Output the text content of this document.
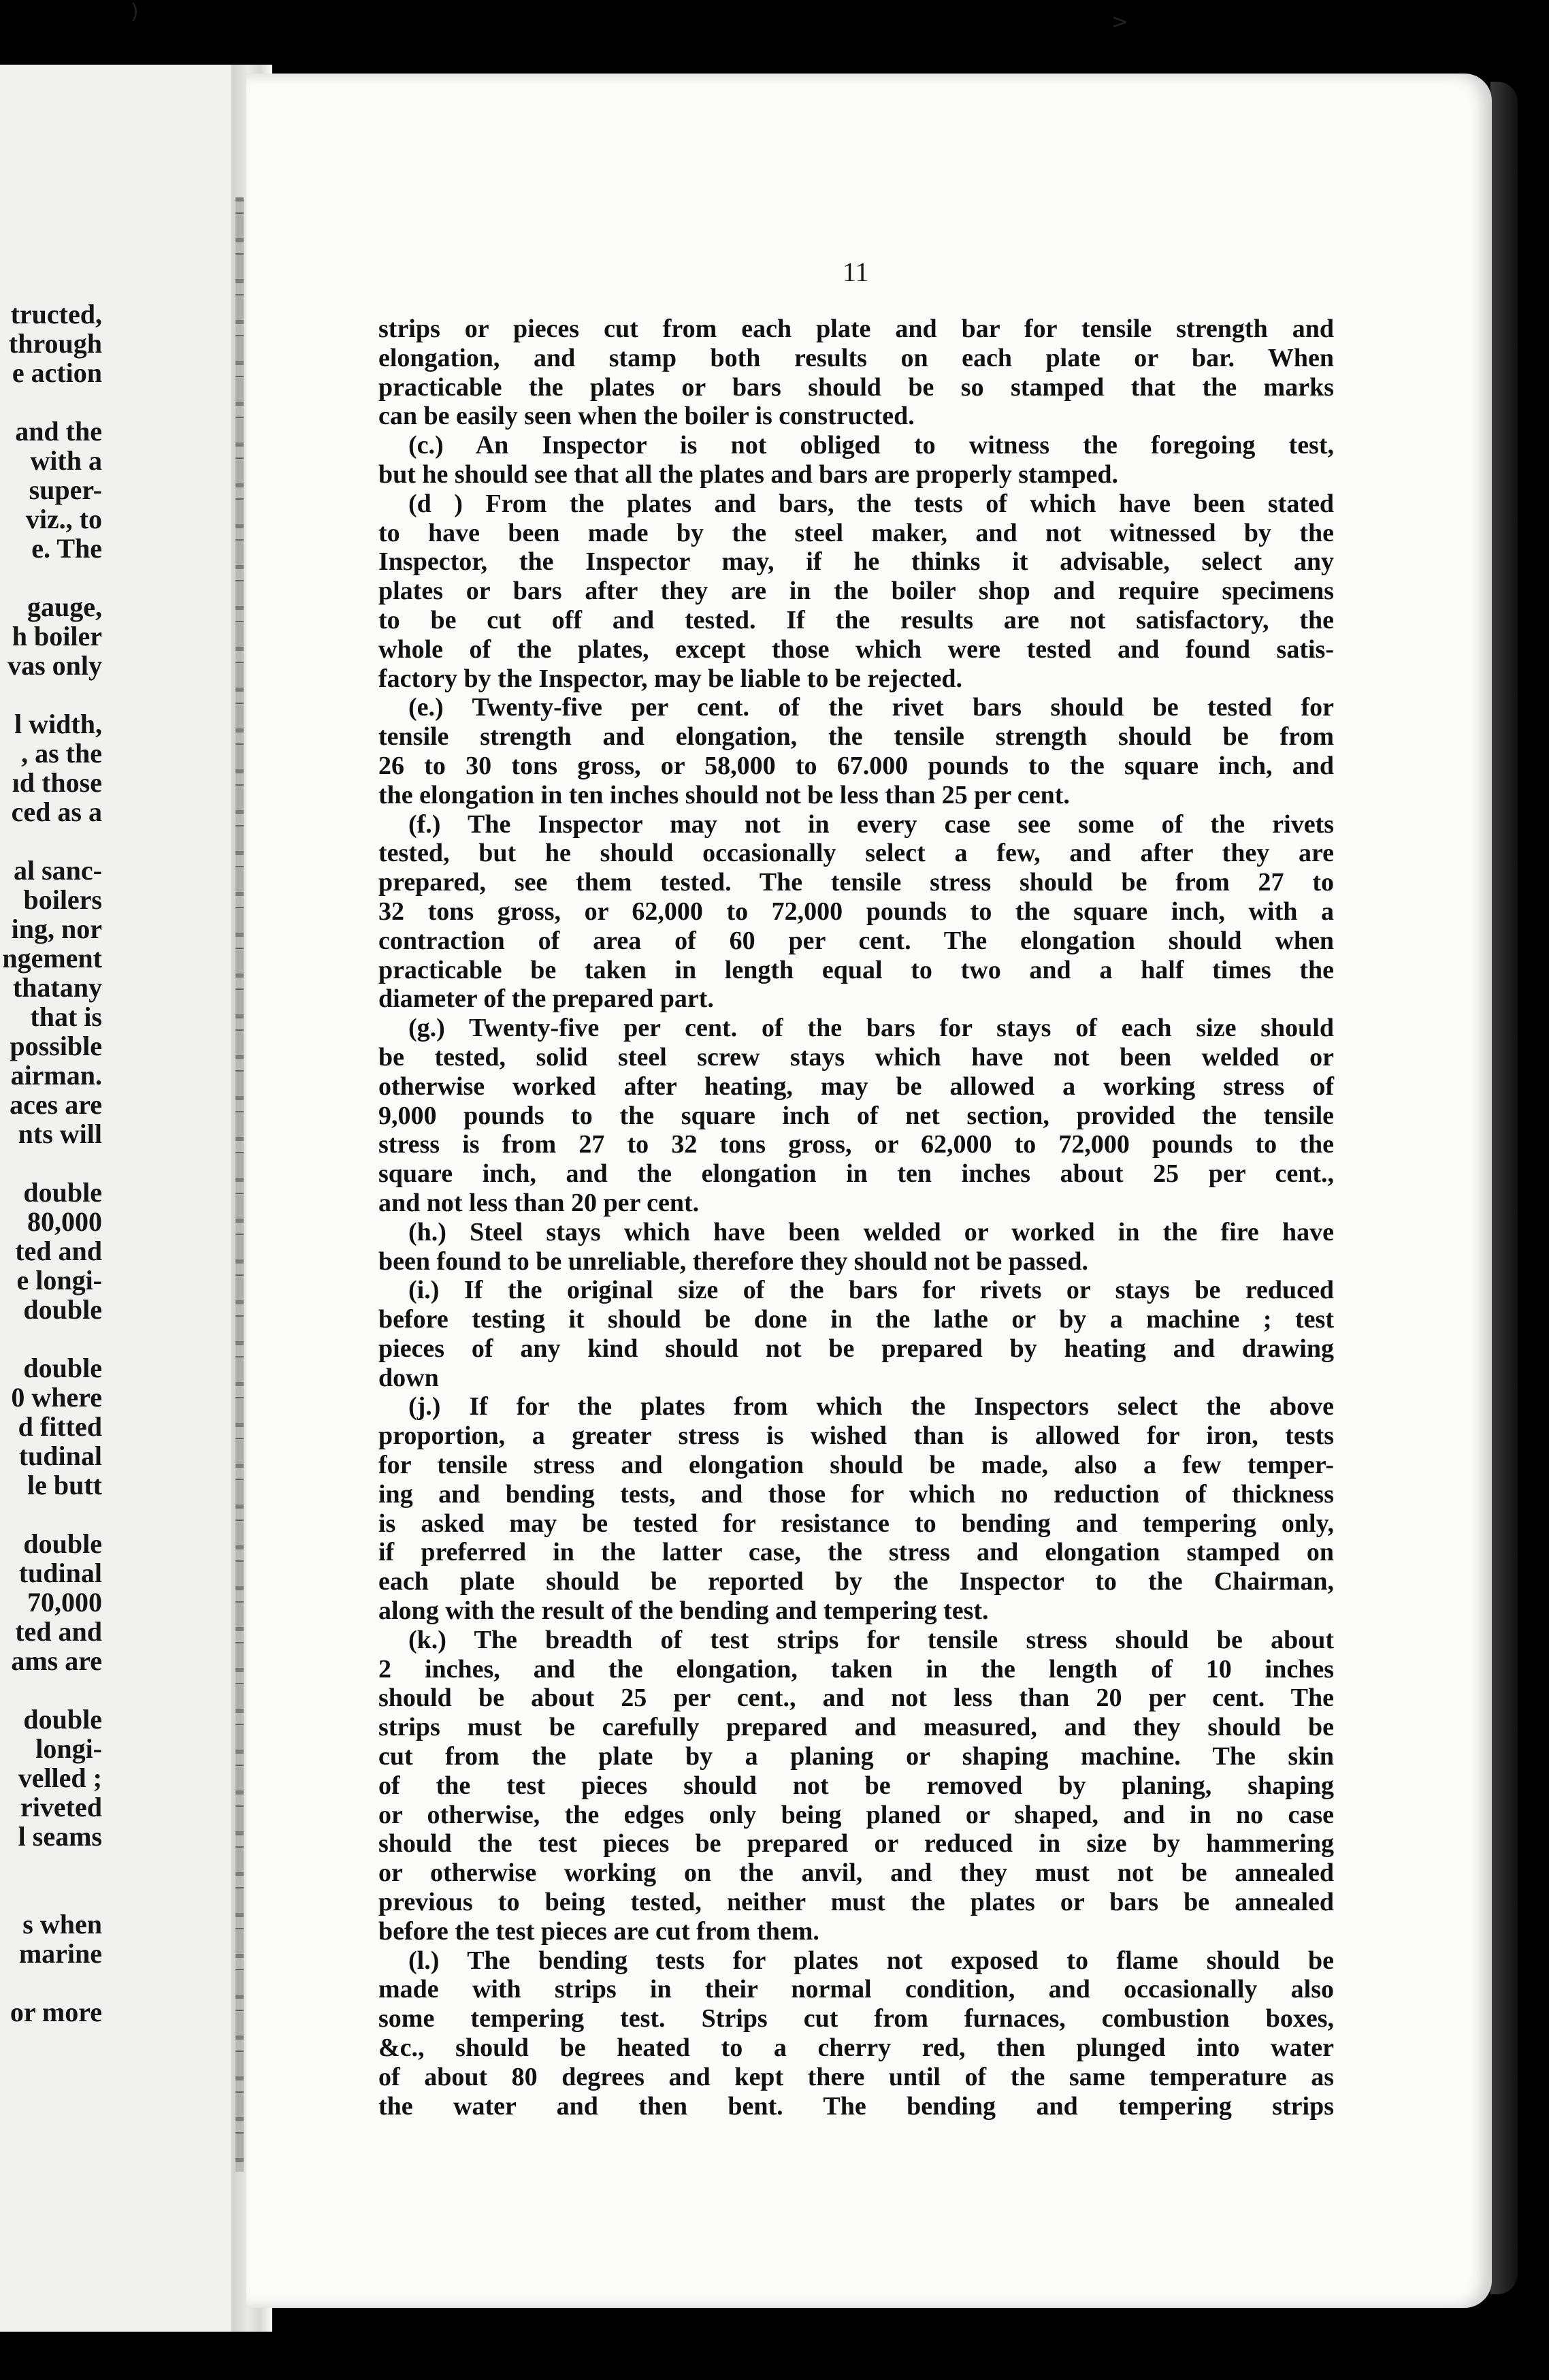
tructed,
through
e action
and the
with a
super-
viz., to
e. The
gauge,
h boiler
vas only
l width,
, as the
ıd those
ced as a
al sanc-
boilers
ing, nor
ngement
thatany
that is
possible
airman.
aces are
nts will
double
80,000
ted and
e longi-
double
double
0 where
d fitted
tudinal
le butt
double
tudinal
70,000
ted and
ams are
double
longi-
velled ;
riveted
l seams
s when
marine
or more
11
strips or pieces cut from each plate and bar for tensile strength and
elongation, and stamp both results on each plate or bar. When
practicable the plates or bars should be so stamped that the marks
can be easily seen when the boiler is constructed.
(c.) An Inspector is not obliged to witness the foregoing test,
but he should see that all the plates and bars are properly stamped.
(d ) From the plates and bars, the tests of which have been stated
to have been made by the steel maker, and not witnessed by the
Inspector, the Inspector may, if he thinks it advisable, select any
plates or bars after they are in the boiler shop and require specimens
to be cut off and tested. If the results are not satisfactory, the
whole of the plates, except those which were tested and found satis-
factory by the Inspector, may be liable to be rejected.
(e.) Twenty-five per cent. of the rivet bars should be tested for
tensile strength and elongation, the tensile strength should be from
26 to 30 tons gross, or 58,000 to 67.000 pounds to the square inch, and
the elongation in ten inches should not be less than 25 per cent.
(f.) The Inspector may not in every case see some of the rivets
tested, but he should occasionally select a few, and after they are
prepared, see them tested. The tensile stress should be from 27 to
32 tons gross, or 62,000 to 72,000 pounds to the square inch, with a
contraction of area of 60 per cent. The elongation should when
practicable be taken in length equal to two and a half times the
diameter of the prepared part.
(g.) Twenty-five per cent. of the bars for stays of each size should
be tested, solid steel screw stays which have not been welded or
otherwise worked after heating, may be allowed a working stress of
9,000 pounds to the square inch of net section, provided the tensile
stress is from 27 to 32 tons gross, or 62,000 to 72,000 pounds to the
square inch, and the elongation in ten inches about 25 per cent.,
and not less than 20 per cent.
(h.) Steel stays which have been welded or worked in the fire have
been found to be unreliable, therefore they should not be passed.
(i.) If the original size of the bars for rivets or stays be reduced
before testing it should be done in the lathe or by a machine ; test
pieces of any kind should not be prepared by heating and drawing
down
(j.) If for the plates from which the Inspectors select the above
proportion, a greater stress is wished than is allowed for iron, tests
for tensile stress and elongation should be made, also a few temper-
ing and bending tests, and those for which no reduction of thickness
is asked may be tested for resistance to bending and tempering only,
if preferred in the latter case, the stress and elongation stamped on
each plate should be reported by the Inspector to the Chairman,
along with the result of the bending and tempering test.
(k.) The breadth of test strips for tensile stress should be about
2 inches, and the elongation, taken in the length of 10 inches
should be about 25 per cent., and not less than 20 per cent. The
strips must be carefully prepared and measured, and they should be
cut from the plate by a planing or shaping machine. The skin
of the test pieces should not be removed by planing, shaping
or otherwise, the edges only being planed or shaped, and in no case
should the test pieces be prepared or reduced in size by hammering
or otherwise working on the anvil, and they must not be annealed
previous to being tested, neither must the plates or bars be annealed
before the test pieces are cut from them.
(l.) The bending tests for plates not exposed to flame should be
made with strips in their normal condition, and occasionally also
some tempering test. Strips cut from furnaces, combustion boxes,
&c., should be heated to a cherry red, then plunged into water
of about 80 degrees and kept there until of the same temperature as
the water and then bent. The bending and tempering strips
)	>
